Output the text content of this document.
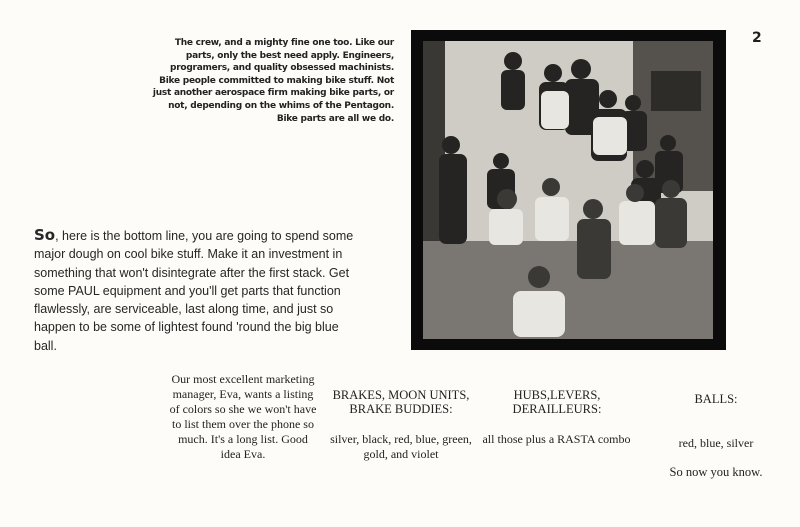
2
The crew, and a mighty fine one too. Like our parts, only the best need apply. Engineers, programers, and quality obsessed machinists. Bike people committed to making bike stuff. Not just another aerospace firm making bike parts, or not, depending on the whims of the Pentagon. Bike parts are all we do.
So, here is the bottom line, you are going to spend some major dough on cool bike stuff. Make it an investment in something that won't disintegrate after the first stack. Get some PAUL equipment and you'll get parts that function flawlessly, are serviceable, last along time, and just so happen to be some of lightest found 'round the big blue ball.
Our most excellent marketing manager, Eva, wants a listing of colors so she we won't have to list them over the phone so much. It's a long list. Good idea Eva.
BRAKES, MOON UNITS, BRAKE BUDDIES:
silver, black, red, blue, green, gold, and violet
HUBS,LEVERS, DERAILLEURS:
all those plus a RASTA combo
BALLS:
red, blue, silver
So now you know.
